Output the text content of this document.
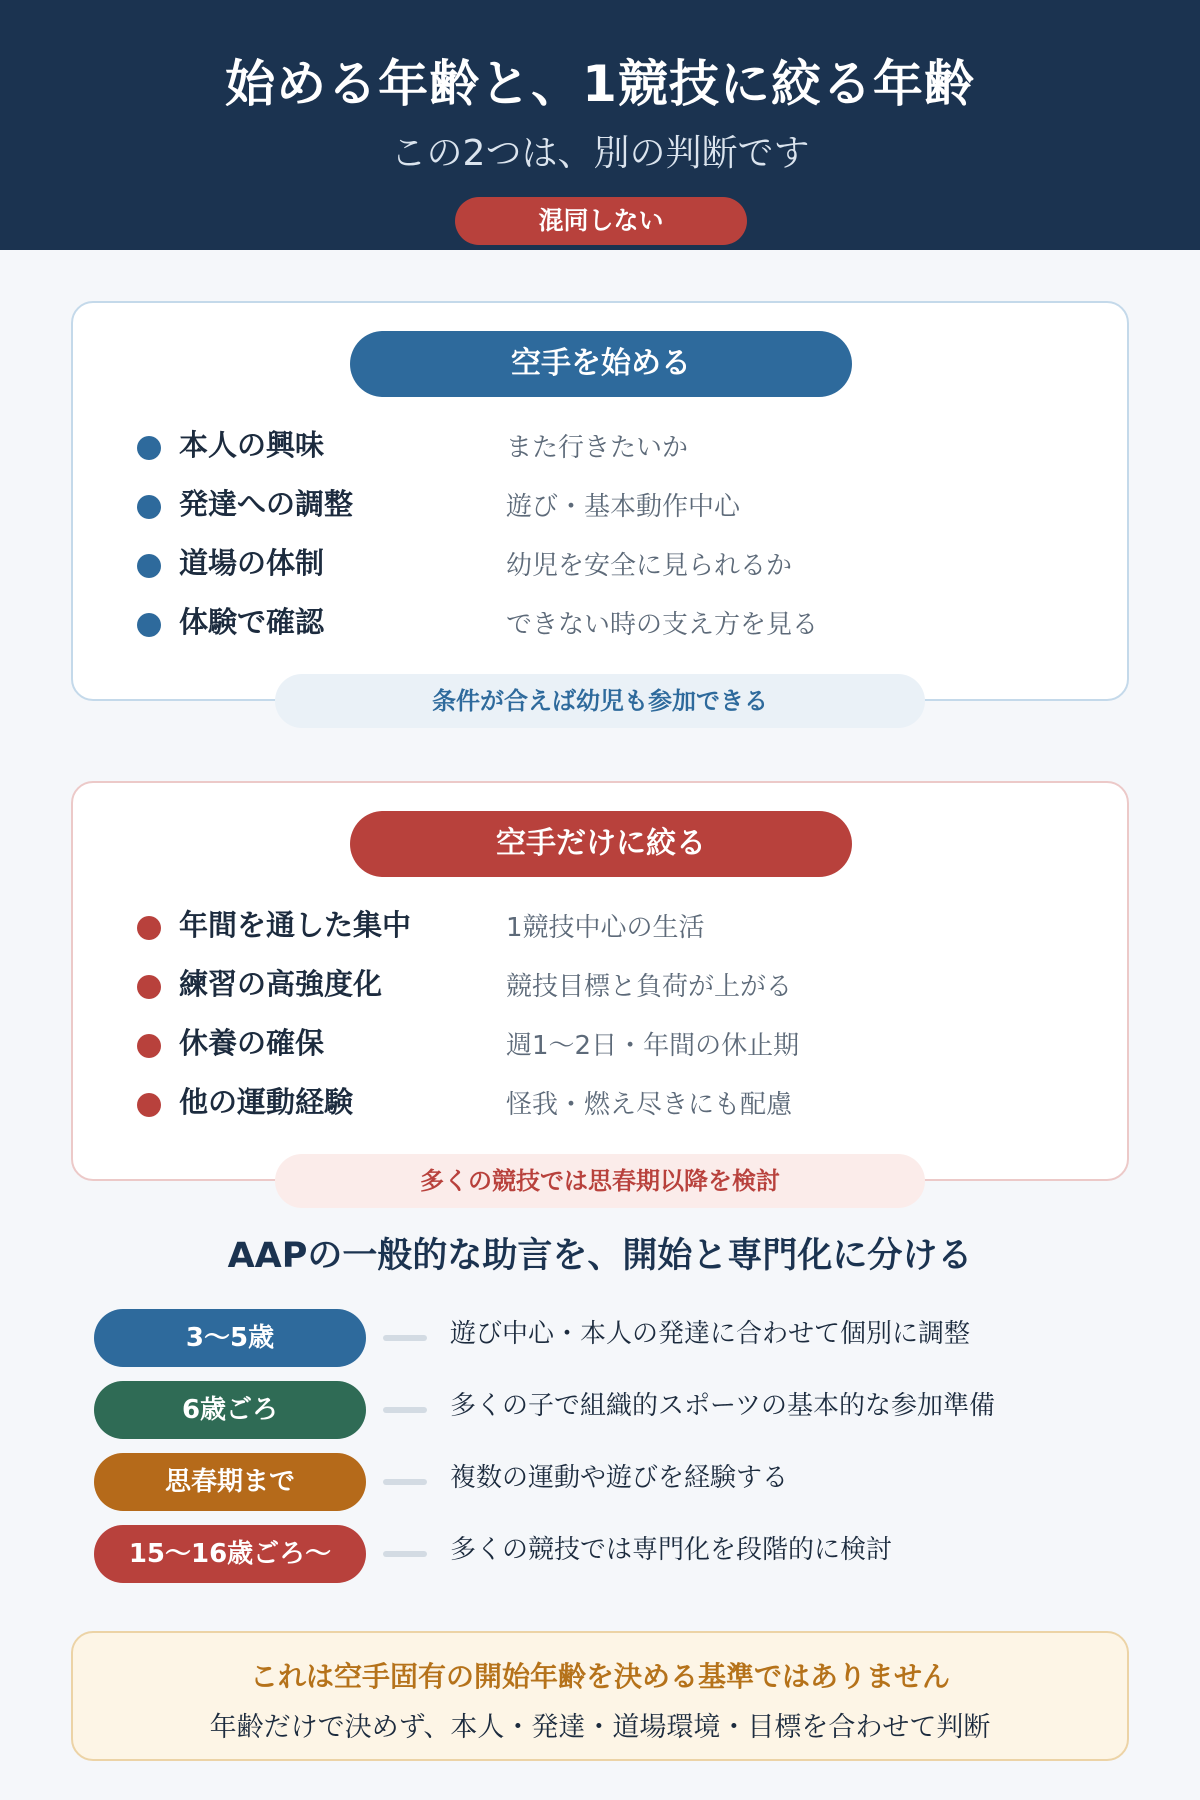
始める年齢と、1競技に絞る年齢
この2つは、別の判断です
混同しない
空手を始める
本人の興味	また行きたいか
発達への調整	遊び・基本動作中心
道場の体制	幼児を安全に見られるか
体験で確認	できない時の支え方を見る
条件が合えば幼児も参加できる
空手だけに絞る
年間を通した集中	1競技中心の生活
練習の高強度化	競技目標と負荷が上がる
休養の確保	週1〜2日・年間の休止期
他の運動経験	怪我・燃え尽きにも配慮
多くの競技では思春期以降を検討
AAPの一般的な助言を、開始と専門化に分ける
3〜5歳	遊び中心・本人の発達に合わせて個別に調整
6歳ごろ	多くの子で組織的スポーツの基本的な参加準備
思春期まで	複数の運動や遊びを経験する
15〜16歳ごろ〜	多くの競技では専門化を段階的に検討
これは空手固有の開始年齢を決める基準ではありません
年齢だけで決めず、本人・発達・道場環境・目標を合わせて判断
